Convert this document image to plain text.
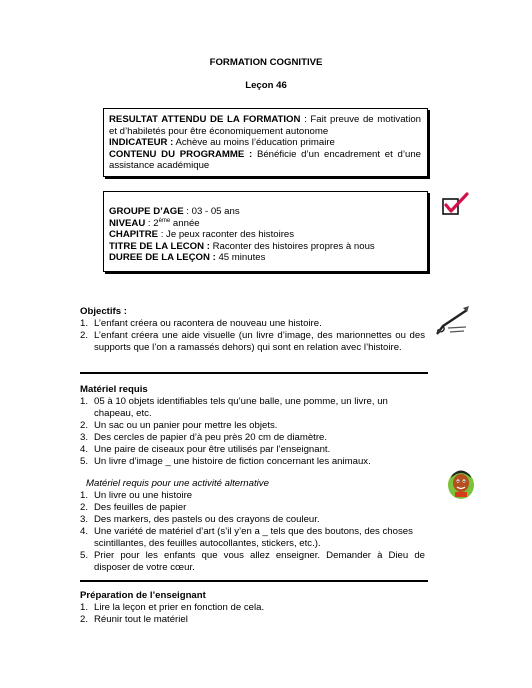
FORMATION COGNITIVE
Leçon 46

RESULTAT ATTENDU DE LA FORMATION : Fait preuve de motivation et d’habiletés pour être économiquement autonome

INDICATEUR : Achève au moins l’éducation primaire

CONTENU DU PROGRAMME : Bénéficie d’un encadrement et d’une assistance académique

GROUPE D’AGE : 03 - 05 ans

NIVEAU : 2ème année

CHAPITRE : Je peux raconter des histoires

TITRE DE LA LECON : Raconter des histoires propres à nous

DUREE DE LA LEÇON : 45 minutes

Objectifs :
1. L’enfant créera ou racontera de nouveau une histoire.
2. L’enfant créera une aide visuelle (un livre d’image, des marionnettes ou des supports que l’on a ramassés dehors) qui sont en relation avec l’histoire.
Matériel requis
1. 05 à 10 objets identifiables tels qu’une balle, une pomme, un livre, un chapeau, etc.
2. Un sac ou un panier pour mettre les objets.
3. Des cercles de papier d’à peu près 20 cm de diamètre.
4. Une paire de ciseaux pour être utilisés par l’enseignant.
5. Un livre d’image _ une histoire de fiction concernant les animaux.
Matériel requis pour une activité alternative
1. Un livre ou une histoire
2. Des feuilles de papier
3. Des markers, des pastels ou des crayons de couleur.
4. Une variété de matériel d’art (s’il y’en a _ tels que des boutons, des choses scintillantes, des feuilles autocollantes, stickers, etc.).
5. Prier pour les enfants que vous allez enseigner. Demander à Dieu de disposer de votre cœur.
Préparation de l’enseignant
1. Lire la leçon et prier en fonction de cela.
2. Réunir tout le matériel
